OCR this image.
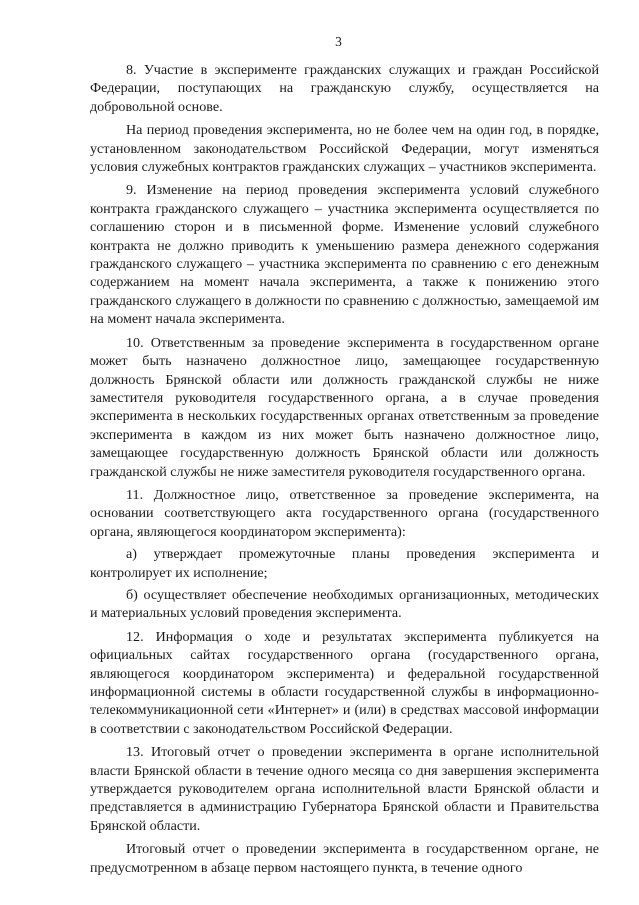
3

8. Участие в эксперименте гражданских служащих и граждан Российской Федерации, поступающих на гражданскую службу, осуществляется на добровольной основе.

На период проведения эксперимента, но не более чем на один год, в порядке, установленном законодательством Российской Федерации, могут изменяться условия служебных контрактов гражданских служащих – участников эксперимента.

9. Изменение на период проведения эксперимента условий служебного контракта гражданского служащего – участника эксперимента осуществляется по соглашению сторон и в письменной форме. Изменение условий служебного контракта не должно приводить к уменьшению размера денежного содержания гражданского служащего – участника эксперимента по сравнению с его денежным содержанием на момент начала эксперимента, а также к понижению этого гражданского служащего в должности по сравнению с должностью, замещаемой им на момент начала эксперимента.

10. Ответственным за проведение эксперимента в государственном органе может быть назначено должностное лицо, замещающее государственную должность Брянской области или должность гражданской службы не ниже заместителя руководителя государственного органа, а в случае проведения эксперимента в нескольких государственных органах ответственным за проведение эксперимента в каждом из них может быть назначено должностное лицо, замещающее государственную должность Брянской области или должность гражданской службы не ниже заместителя руководителя государственного органа.

11. Должностное лицо, ответственное за проведение эксперимента, на основании соответствующего акта государственного органа (государственного органа, являющегося координатором эксперимента):

а) утверждает промежуточные планы проведения эксперимента и контролирует их исполнение;

б) осуществляет обеспечение необходимых организационных, методических и материальных условий проведения эксперимента.

12. Информация о ходе и результатах эксперимента публикуется на официальных сайтах государственного органа (государственного органа, являющегося координатором эксперимента) и федеральной государственной информационной системы в области государственной службы в информационно-телекоммуникационной сети «Интернет» и (или) в средствах массовой информации в соответствии с законодательством Российской Федерации.

13. Итоговый отчет о проведении эксперимента в органе исполнительной власти Брянской области в течение одного месяца со дня завершения эксперимента утверждается руководителем органа исполнительной власти Брянской области и представляется в администрацию Губернатора Брянской области и Правительства Брянской области.

Итоговый отчет о проведении эксперимента в государственном органе, не предусмотренном в абзаце первом настоящего пункта, в течение одного
